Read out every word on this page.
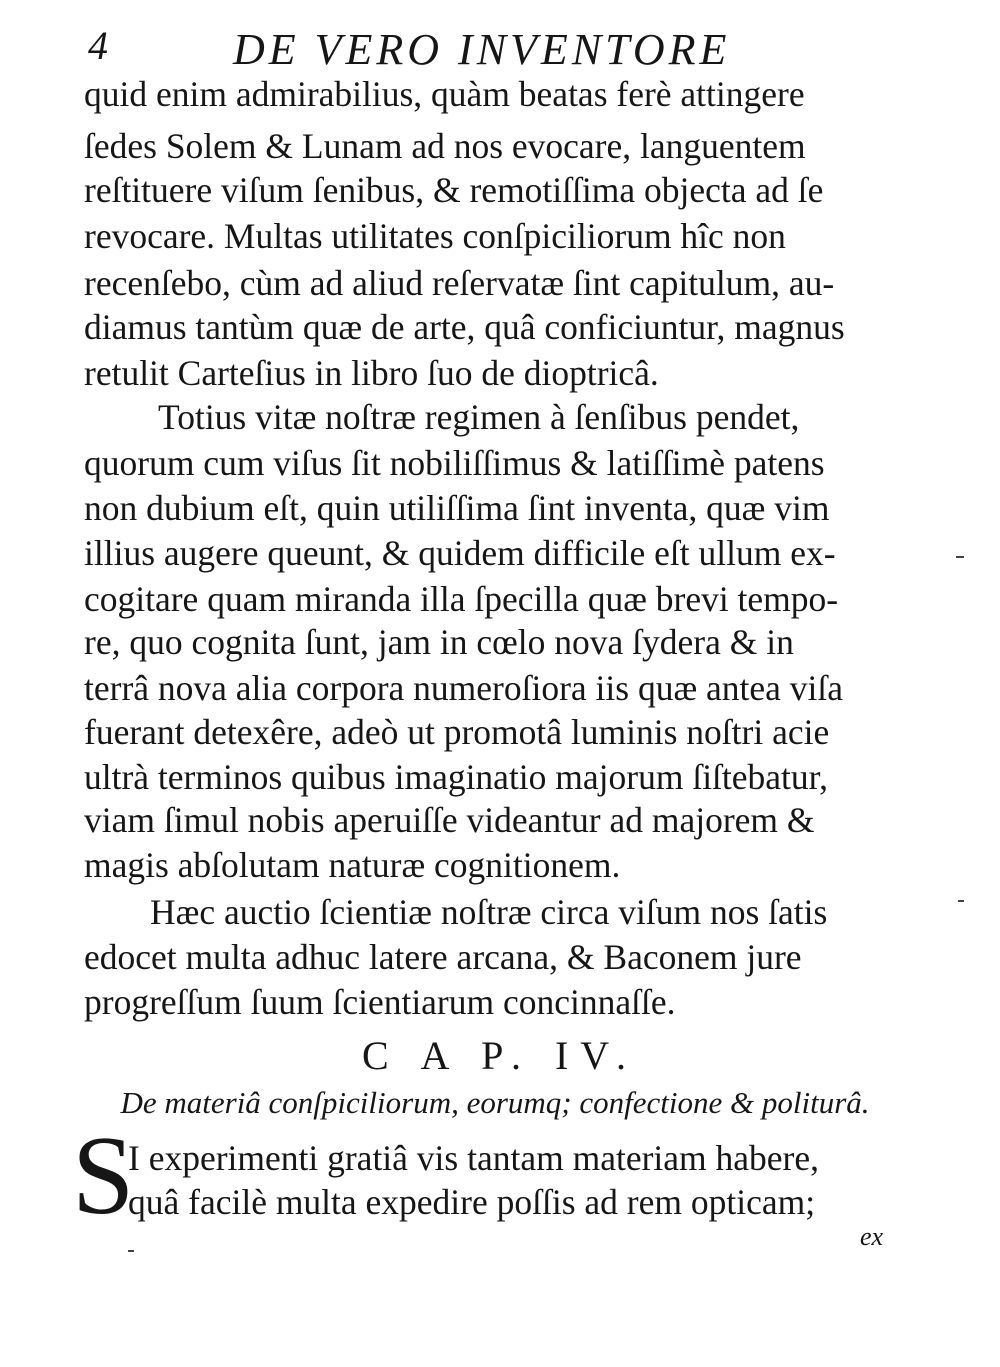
4	DE VERO INVENTORE
quid enim admirabilius, quàm beatas ferè attingere
ſedes Solem & Lunam ad nos evocare, languentem
reſtituere viſum ſenibus, & remotiſſima objecta ad ſe
revocare. Multas utilitates conſpiciliorum hîc non
recenſebo, cùm ad aliud reſervatæ ſint capitulum, au-
diamus tantùm quæ de arte, quâ conficiuntur, magnus
retulit Carteſius in libro ſuo de dioptricâ.
Totius vitæ noſtræ regimen à ſenſibus pendet,
quorum cum viſus ſit nobiliſſimus & latiſſimè patens
non dubium eſt, quin utiliſſima ſint inventa, quæ vim
illius augere queunt, & quidem difficile eſt ullum ex-
cogitare quam miranda illa ſpecilla quæ brevi tempo-
re, quo cognita ſunt, jam in cœlo nova ſydera & in
terrâ nova alia corpora numeroſiora iis quæ antea viſa
fuerant detexêre, adeò ut promotâ luminis noſtri acie
ultrà terminos quibus imaginatio majorum ſiſtebatur,
viam ſimul nobis aperuiſſe videantur ad majorem &
magis abſolutam naturæ cognitionem.
Hæc auctio ſcientiæ noſtræ circa viſum nos ſatis
edocet multa adhuc latere arcana, & Baconem jure
progreſſum ſuum ſcientiarum concinnaſſe.
C A P. IV.
De materiâ conſpiciliorum, eorumq; confectione & politurâ.
S
I experimenti gratiâ vis tantam materiam habere,
quâ facilè multa expedire poſſis ad rem opticam;
ex
